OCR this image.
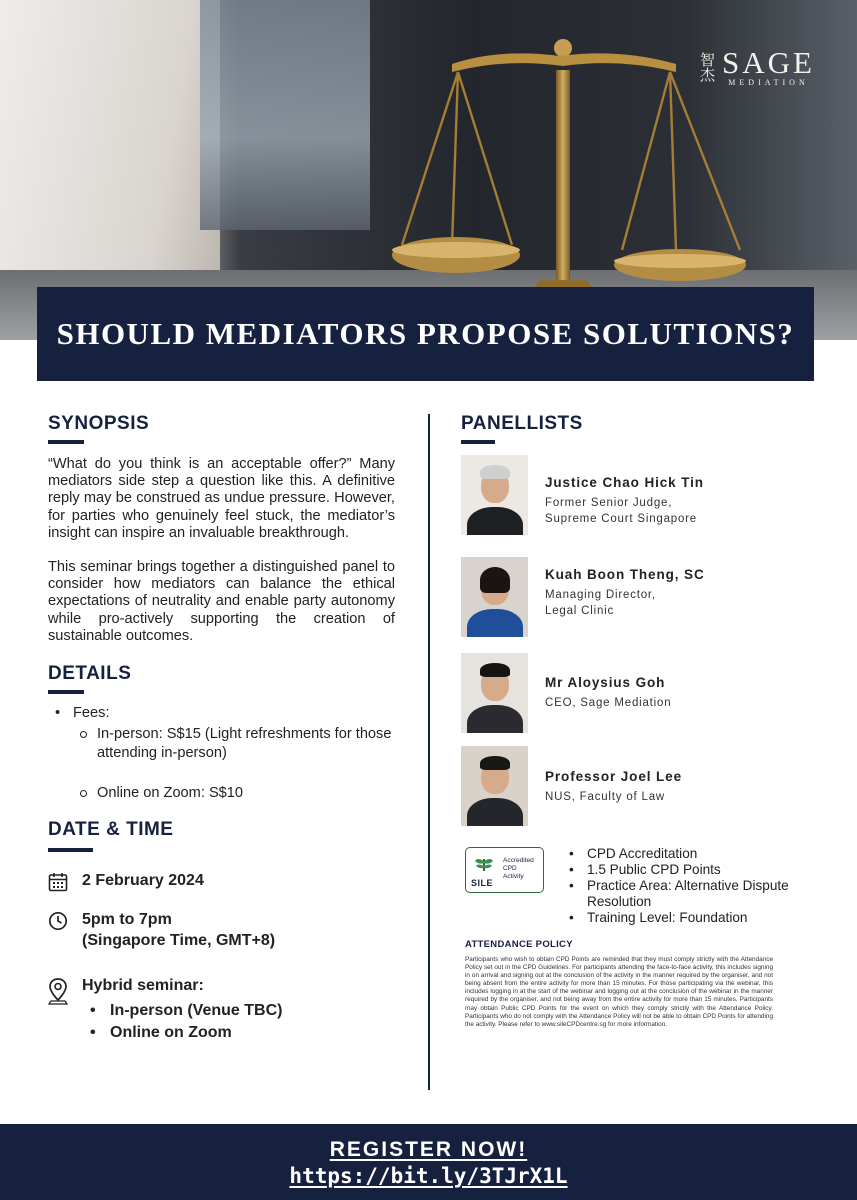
智杰 SAGE
MEDIATION
SHOULD MEDIATORS PROPOSE SOLUTIONS?
SYNOPSIS

“What do you think is an acceptable offer?” Many mediators side step a question like this. A definitive reply may be construed as undue pressure. However, for parties who genuinely feel stuck, the mediator’s insight can inspire an invaluable breakthrough.

This seminar brings together a distinguished panel to consider how mediators can balance the ethical expectations of neutrality and enable party autonomy while pro-actively supporting the creation of sustainable outcomes.

DETAILS
• Fees:
In-person: S$15 (Light refreshments for those attending in-person)
Online on Zoom: S$10
DATE & TIME
2 February 2024
5pm to 7pm
(Singapore Time, GMT+8)
Hybrid seminar:
• In-person (Venue TBC)
• Online on Zoom
PANELLISTS
Justice Chao Hick Tin
Former Senior Judge,
Supreme Court Singapore
Kuah Boon Theng, SC
Managing Director,
Legal Clinic
Mr Aloysius Goh
CEO, Sage Mediation
Professor Joel Lee
NUS, Faculty of Law
SILE
Accredited
CPD
Activity
• CPD Accreditation
• 1.5 Public CPD Points
• Practice Area: Alternative Dispute Resolution
• Training Level: Foundation
ATTENDANCE POLICY
Participants who wish to obtain CPD Points are reminded that they must comply strictly with the Attendance Policy set out in the CPD Guidelines. For participants attending the face-to-face activity, this includes signing in on arrival and signing out at the conclusion of the activity in the manner required by the organiser, and not being absent from the entire activity for more than 15 minutes. For those participating via the webinar, this includes logging in at the start of the webinar and logging out at the conclusion of the webinar in the manner required by the organiser, and not being away from the entire activity for more than 15 minutes. Participants may obtain Public CPD Points for the event on which they comply strictly with the Attendance Policy. Participants who do not comply with the Attendance Policy will not be able to obtain CPD Points for attending the activity. Please refer to www.sileCPDcentre.sg for more information.
REGISTER NOW!
https://bit.ly/3TJrX1L
